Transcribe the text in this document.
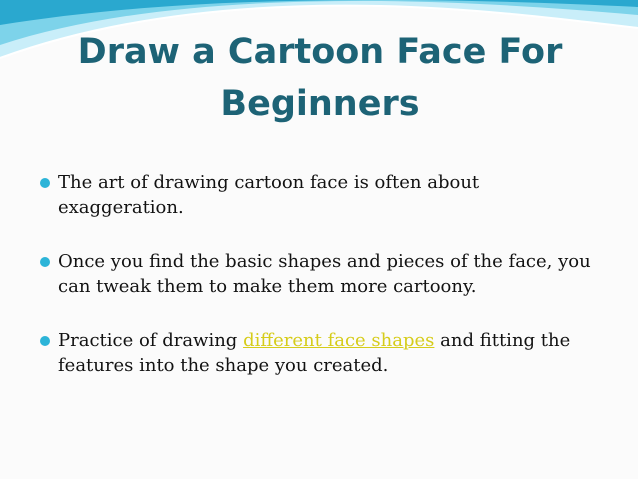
Draw a Cartoon Face For
Beginners
The art of drawing cartoon face is often about exaggeration.
Once you find the basic shapes and pieces of the face, you can tweak them to make them more cartoony.
Practice of drawing different face shapes and fitting the features into the shape you created.
